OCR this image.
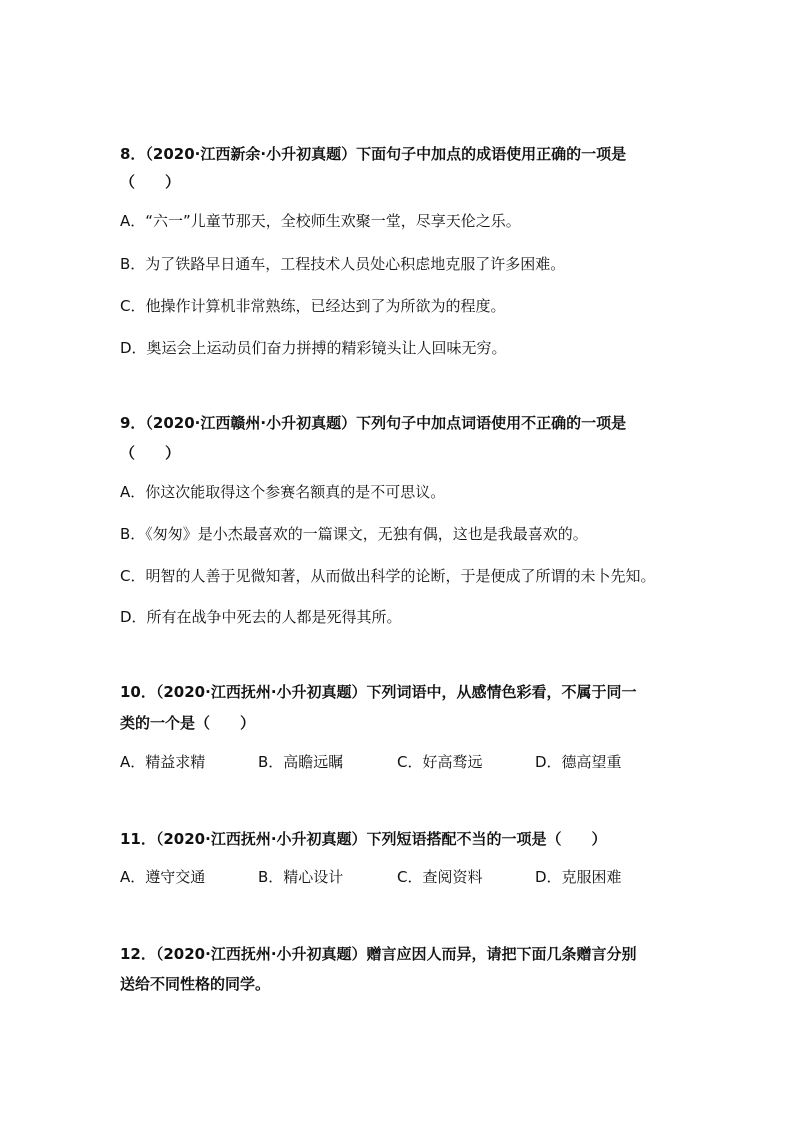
8．（2020·江西新余·小升初真题）下面句子中加点的成语使用正确的一项是
（　　）
A．“六一”儿童节那天，全校师生欢聚一堂，尽享天伦之乐。
B．为了铁路早日通车，工程技术人员处心积虑地克服了许多困难。
C．他操作计算机非常熟练，已经达到了为所欲为的程度。
D．奥运会上运动员们奋力拼搏的精彩镜头让人回味无穷。
9．（2020·江西赣州·小升初真题）下列句子中加点词语使用不正确的一项是
（　　）
A．你这次能取得这个参赛名额真的是不可思议。
B．《匆匆》是小杰最喜欢的一篇课文，无独有偶，这也是我最喜欢的。
C．明智的人善于见微知著，从而做出科学的论断，于是便成了所谓的未卜先知。
D．所有在战争中死去的人都是死得其所。
10．（2020·江西抚州·小升初真题）下列词语中，从感情色彩看，不属于同一
类的一个是（　　）
A．精益求精	B．高瞻远瞩	C．好高骛远	D．德高望重
11．（2020·江西抚州·小升初真题）下列短语搭配不当的一项是（　　）
A．遵守交通	B．精心设计	C．查阅资料	D．克服困难
12．（2020·江西抚州·小升初真题）赠言应因人而异，请把下面几条赠言分别
送给不同性格的同学。
